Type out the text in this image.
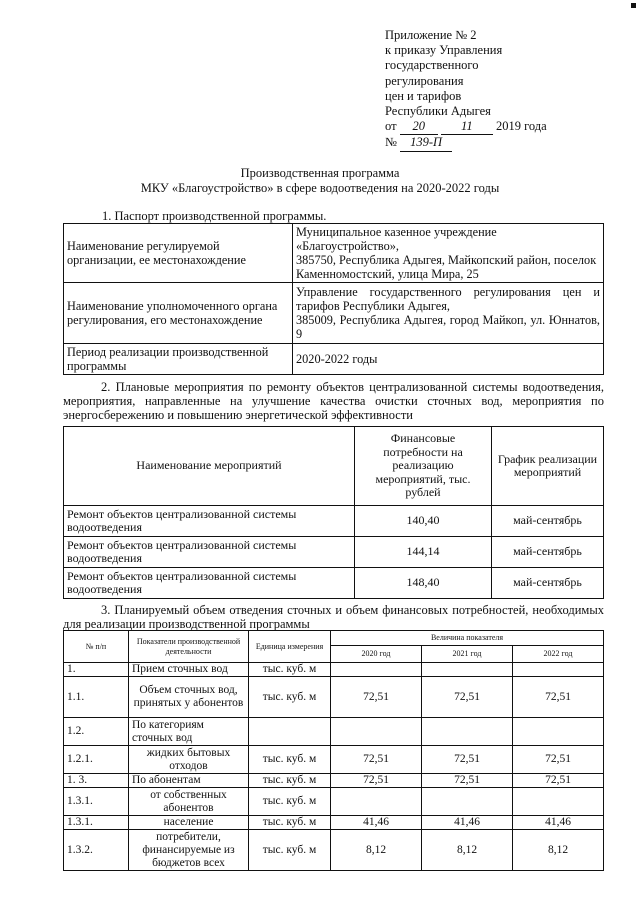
Приложение № 2
к приказу Управления
государственного
регулирования
цен и тарифов
Республики Адыгея
от 20	11 2019 года
№ 139-П
Производственная программа
МКУ «Благоустройство» в сфере водоотведения на 2020-2022 годы
1. Паспорт производственной программы.
Наименование регулируемой организации, ее местонахождение	Муниципальное казенное учреждение «Благоустройство»,
385750, Республика Адыгея, Майкопский район, поселок Каменномостский, улица Мира, 25

Наименование уполномоченного органа регулирования, его местонахождение	Управление государственного регулирования цен и тарифов Республики Адыгея,
385009, Республика Адыгея, город Майкоп, ул. Юннатов, 9

Период реализации производственной программы	2020-2022 годы
2. Плановые мероприятия по ремонту объектов централизованной системы водоотведения, мероприятия, направленные на улучшение качества очистки сточных вод, мероприятия по энергосбережению и повышению энергетической эффективности
Наименование мероприятий	Финансовые потребности на реализацию мероприятий, тыс. рублей	График реализации мероприятий
Ремонт объектов централизованной системы водоотведения	140,40	май-сентябрь
Ремонт объектов централизованной системы водоотведения	144,14	май-сентябрь
Ремонт объектов централизованной системы водоотведения	148,40	май-сентябрь
3. Планируемый объем отведения сточных и объем финансовых потребностей, необходимых для реализации производственной программы
№ п/п	Показатели производственной деятельности	Единица измерения	Величина показателя		
			2020 год	2021 год	2022 год
1.	Прием сточных вод	тыс. куб. м			
1.1.	Объем сточных вод, принятых у абонентов	тыс. куб. м	72,51	72,51	72,51
1.2.	По категориям сточных вод				
1.2.1.	жидких бытовых отходов	тыс. куб. м	72,51	72,51	72,51
1. 3.	По абонентам	тыс. куб. м	72,51	72,51	72,51
1.3.1.	от собственных абонентов	тыс. куб. м			
1.3.1.	население	тыс. куб. м	41,46	41,46	41,46
1.3.2.	потребители, финансируемые из бюджетов всех	тыс. куб. м	8,12	8,12	8,12
